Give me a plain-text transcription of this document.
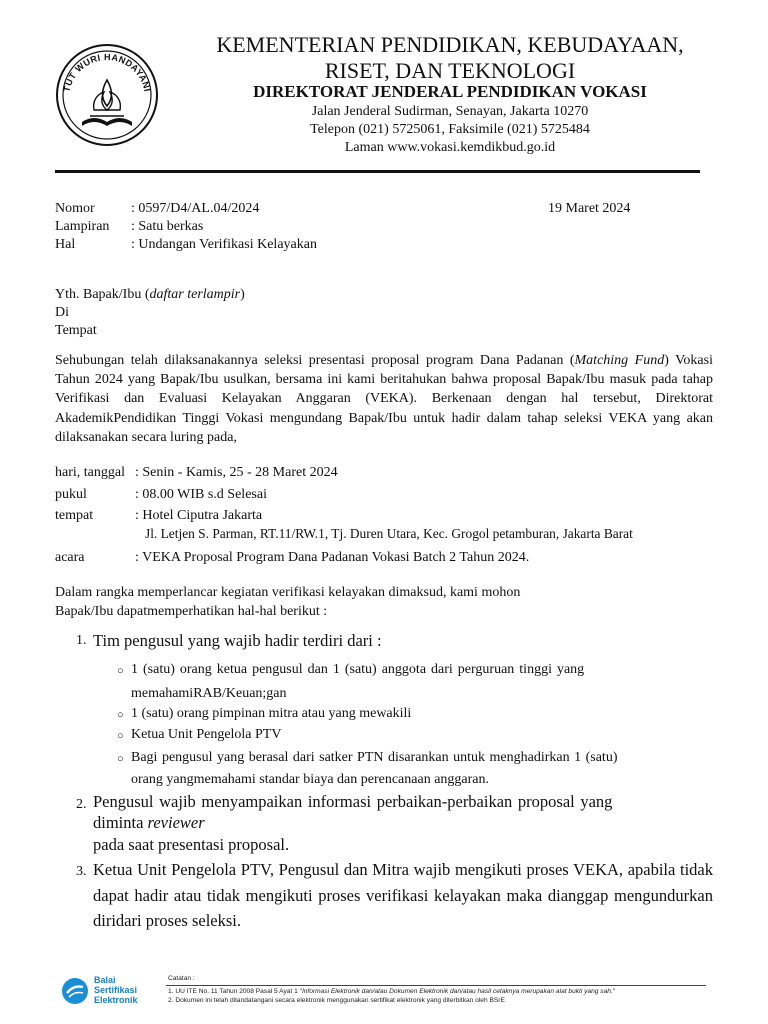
TUT WURI HANDAYANI
KEMENTERIAN PENDIDIKAN, KEBUDAYAAN,
RISET, DAN TEKNOLOGI
DIREKTORAT JENDERAL PENDIDIKAN VOKASI
Jalan Jenderal Sudirman, Senayan, Jakarta 10270
Telepon (021) 5725061, Faksimile (021) 5725484
Laman www.vokasi.kemdikbud.go.id
Nomor	: 0597/D4/AL.04/2024
Lampiran	: Satu berkas
Hal	: Undangan Verifikasi Kelayakan
19 Maret 2024
Yth. Bapak/Ibu (daftar terlampir)
Di
Tempat
Sehubungan telah dilaksanakannya seleksi presentasi proposal program Dana Padanan (Matching Fund) Vokasi Tahun 2024 yang Bapak/Ibu usulkan, bersama ini kami beritahukan bahwa proposal Bapak/Ibu masuk pada tahap Verifikasi dan Evaluasi Kelayakan Anggaran (VEKA). Berkenaan dengan hal tersebut, Direktorat AkademikPendidikan Tinggi Vokasi mengundang Bapak/Ibu untuk hadir dalam tahap seleksi VEKA yang akan dilaksanakan secara luring pada,
hari, tanggal : Senin - Kamis, 25 - 28 Maret 2024
pukul	: 08.00 WIB s.d Selesai
tempat	: Hotel Ciputra Jakarta
Jl. Letjen S. Parman, RT.11/RW.1, Tj. Duren Utara, Kec. Grogol petamburan, Jakarta Barat
acara	: VEKA Proposal Program Dana Padanan Vokasi Batch 2 Tahun 2024.
Dalam rangka memperlancar kegiatan verifikasi kelayakan dimaksud, kami mohon
Bapak/Ibu dapatmemperhatikan hal-hal berikut :
1. Tim pengusul yang wajib hadir terdiri dari :
○ 1 (satu) orang ketua pengusul dan 1 (satu) anggota dari perguruan tinggi yang
memahamiRAB/Keuan;gan
○ 1 (satu) orang pimpinan mitra atau yang mewakili
○ Ketua Unit Pengelola PTV
○ Bagi pengusul yang berasal dari satker PTN disarankan untuk menghadirkan 1 (satu)
orang yangmemahami standar biaya dan perencanaan anggaran.
2. Pengusul wajib menyampaikan informasi perbaikan-perbaikan proposal yang
diminta reviewer
pada saat presentasi proposal.
3. Ketua Unit Pengelola PTV, Pengusul dan Mitra wajib mengikuti proses VEKA, apabila tidak dapat hadir atau tidak mengikuti proses verifikasi kelayakan maka dianggap mengundurkan diridari proses seleksi.
Balai
Sertifikasi
Elektronik
Catatan :
1. UU ITE No. 11 Tahun 2008 Pasal 5 Ayat 1 "Informasi Elektronik dan/atau Dokumen Elektronik dan/atau hasil cetaknya merupakan alat bukti yang sah."
2. Dokumen ini telah ditandatangani secara elektronik menggunakan sertifikat elektronik yang diterbitkan oleh BSrE
